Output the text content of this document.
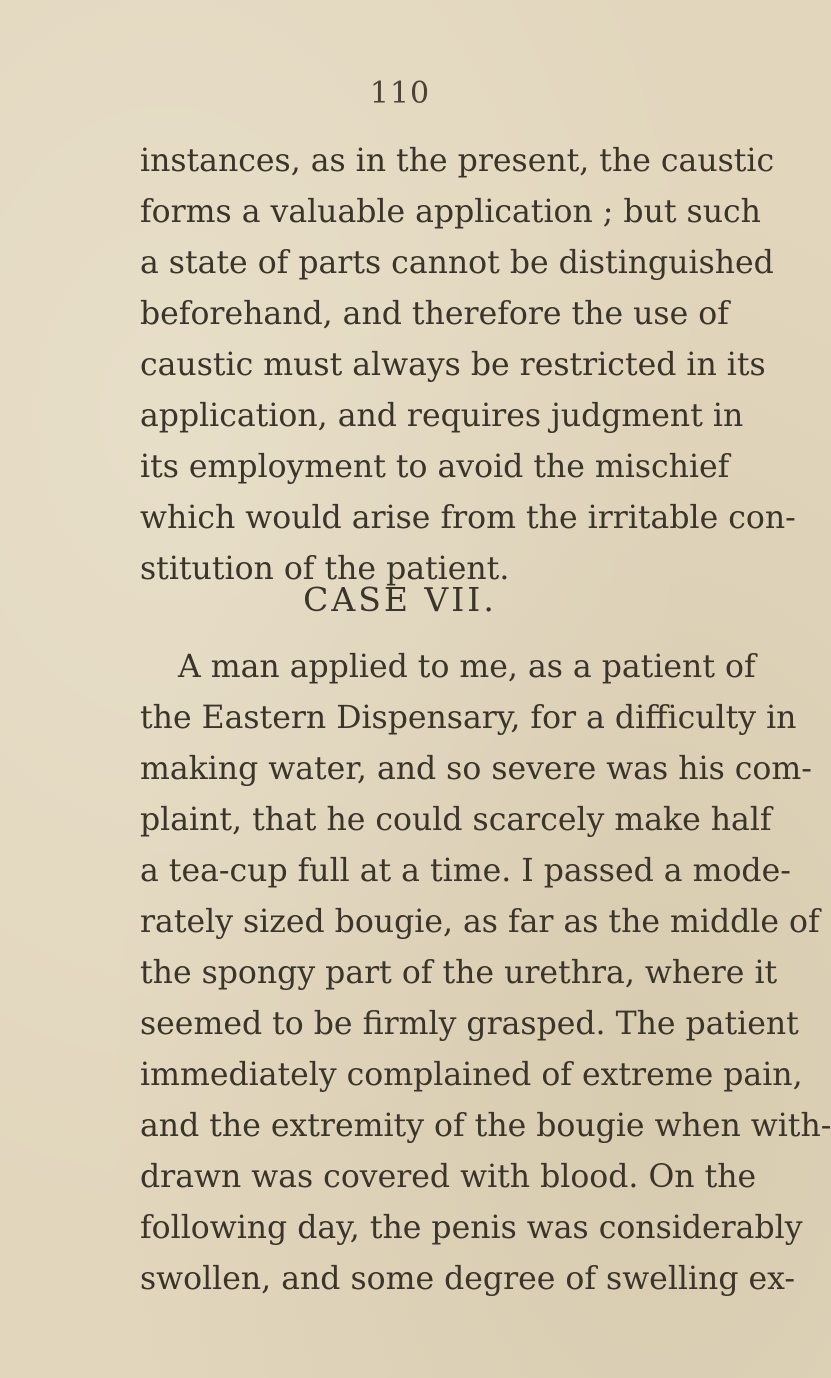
110
instances, as in the present, the caustic
forms a valuable application ; but such
a state of parts cannot be distinguished
beforehand, and therefore the use of
caustic must always be restricted in its
application, and requires judgment in
its employment to avoid the mischief
which would arise from the irritable con-
stitution of the patient.
CASE VII.
A man applied to me, as a patient of
the Eastern Dispensary, for a difficulty in
making water, and so severe was his com-
plaint, that he could scarcely make half
a tea-cup full at a time. I passed a mode-
rately sized bougie, as far as the middle of
the spongy part of the urethra, where it
seemed to be firmly grasped. The patient
immediately complained of extreme pain,
and the extremity of the bougie when with-
drawn was covered with blood. On the
following day, the penis was considerably
swollen, and some degree of swelling ex-
